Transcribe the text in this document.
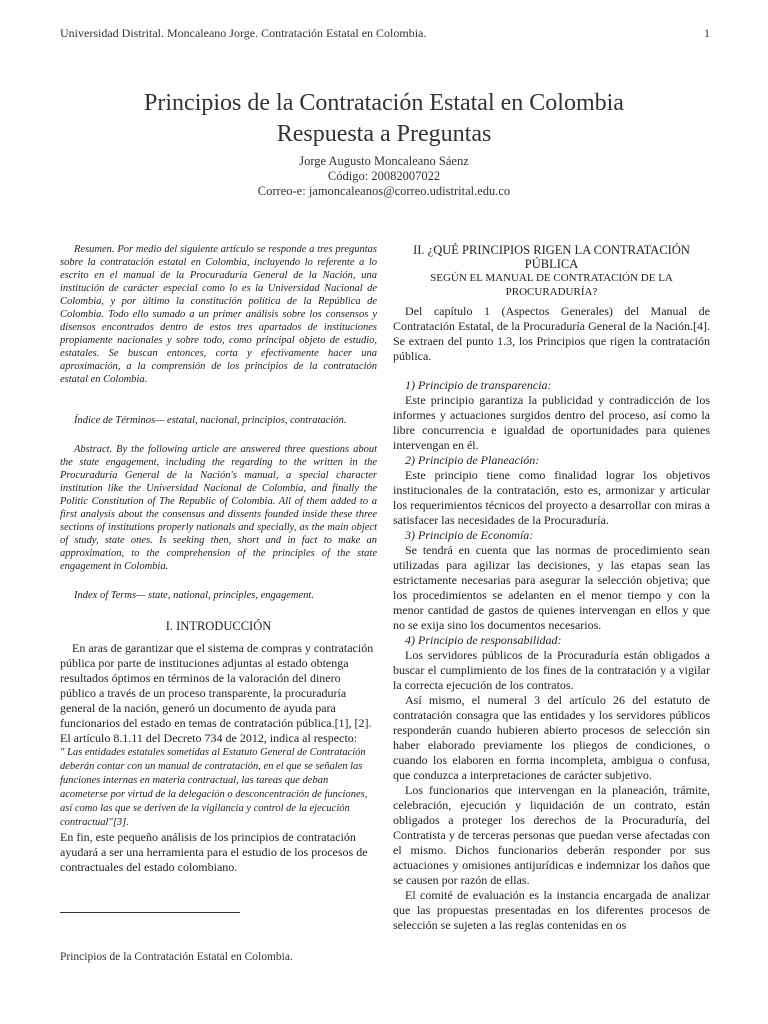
Universidad Distrital. Moncaleano Jorge. Contratación Estatal en Colombia.	1
Principios de la Contratación Estatal en Colombia
Respuesta a Preguntas
Jorge Augusto Moncaleano Sáenz
Código: 20082007022
Correo-e: jamoncaleanos@correo.udistrital.edu.co

Resumen. Por medio del siguiente artículo se responde a tres preguntas sobre la contratación estatal en Colombia, incluyendo lo referente a lo escrito en el manual de la Procuraduría General de la Nación, una institución de carácter especial como lo es la Universidad Nacional de Colombia, y por último la constitución política de la República de Colombia. Todo ello sumado a un primer análisis sobre los consensos y disensos encontrados dentro de estos tres apartados de instituciones propiamente nacionales y sobre todo, como principal objeto de estudio, estatales. Se buscan entonces, corta y efectivamente hacer una aproximación, a la comprensión de los principios de la contratación estatal en Colombia.

Índice de Términos— estatal, nacional, principios, contratación.

Abstract. By the following article are answered three questions about the state engagement, including the regarding to the written in the Procuraduría General de la Nación's manual, a special character institution like the Universidad Nacional de Colombia, and finally the Politic Constitution of The Republic of Colombia. All of them added to a first analysis about the consensus and dissents founded inside these three sections of institutions properly nationals and specially, as the main object of study, state ones. Is seeking then, short and in fact to make an approximation, to the comprehension of the principles of the state engagement in Colombia.

Index of Terms— state, national, principles, engagement.

I. INTRODUCCIÓN

En aras de garantizar que el sistema de compras y contratación pública por parte de instituciones adjuntas al estado obtenga resultados óptimos en términos de la valoración del dinero público a través de un proceso transparente, la procuraduría general de la nación, generó un documento de ayuda para funcionarios del estado en temas de contratación pública.[1], [2].

El artículo 8.1.11 del Decreto 734 de 2012, indica al respecto:

" Las entidades estatales sometidas al Estatuto General de Contratación deberán contar con un manual de contratación, en el que se señalen las funciones internas en materia contractual, las tareas que deban acometerse por virtud de la delegación o desconcentración de funciones, así como las que se deriven de la vigilancia y control de la ejecución contractual"[3].

En fin, este pequeño análisis de los principios de contratación ayudará a ser una herramienta para el estudio de los procesos de contractuales del estado colombiano.

Principios de la Contratación Estatal en Colombia.
II. ¿QUÉ PRINCIPIOS RIGEN LA CONTRATACIÓN PÚBLICA
SEGÚN EL MANUAL DE CONTRATACIÓN DE LA PROCURADURÍA?

Del capítulo 1 (Aspectos Generales) del Manual de Contratación Estatal, de la Procuraduría General de la Nación.[4]. Se extraen del punto 1.3, los Principios que rigen la contratación pública.

1) Principio de transparencia:

Este principio garantiza la publicidad y contradicción de los informes y actuaciones surgidos dentro del proceso, así como la libre concurrencia e igualdad de oportunidades para quienes intervengan en él.

2) Principio de Planeación:

Este principio tiene como finalidad lograr los objetivos institucionales de la contratación, esto es, armonizar y articular los requerimientos técnicos del proyecto a desarrollar con miras a satisfacer las necesidades de la Procuraduría.

3) Principio de Economía:

Se tendrá en cuenta que las normas de procedimiento sean utilizadas para agilizar las decisiones, y las etapas sean las estrictamente necesarias para asegurar la selección objetiva; que los procedimientos se adelanten en el menor tiempo y con la menor cantidad de gastos de quienes intervengan en ellos y que no se exija sino los documentos necesarios.

4) Principio de responsabilidad:

Los servidores públicos de la Procuraduría están obligados a buscar el cumplimiento de los fines de la contratación y a vigilar la correcta ejecución de los contratos.

Así mismo, el numeral 3 del artículo 26 del estatuto de contratación consagra que las entidades y los servidores públicos responderán cuando hubieren abierto procesos de selección sin haber elaborado previamente los pliegos de condiciones, o cuando los elaboren en forma incompleta, ambigua o confusa, que conduzca a interpretaciones de carácter subjetivo.

Los funcionarios que intervengan en la planeación, trámite, celebración, ejecución y liquidación de un contrato, están obligados a proteger los derechos de la Procuraduría, del Contratista y de terceras personas que puedan verse afectadas con el mismo. Dichos funcionarios deberán responder por sus actuaciones y omisiones antijurídicas e indemnizar los daños que se causen por razón de ellas.

El comité de evaluación es la instancia encargada de analizar que las propuestas presentadas en los diferentes procesos de selección se sujeten a las reglas contenidas en os
